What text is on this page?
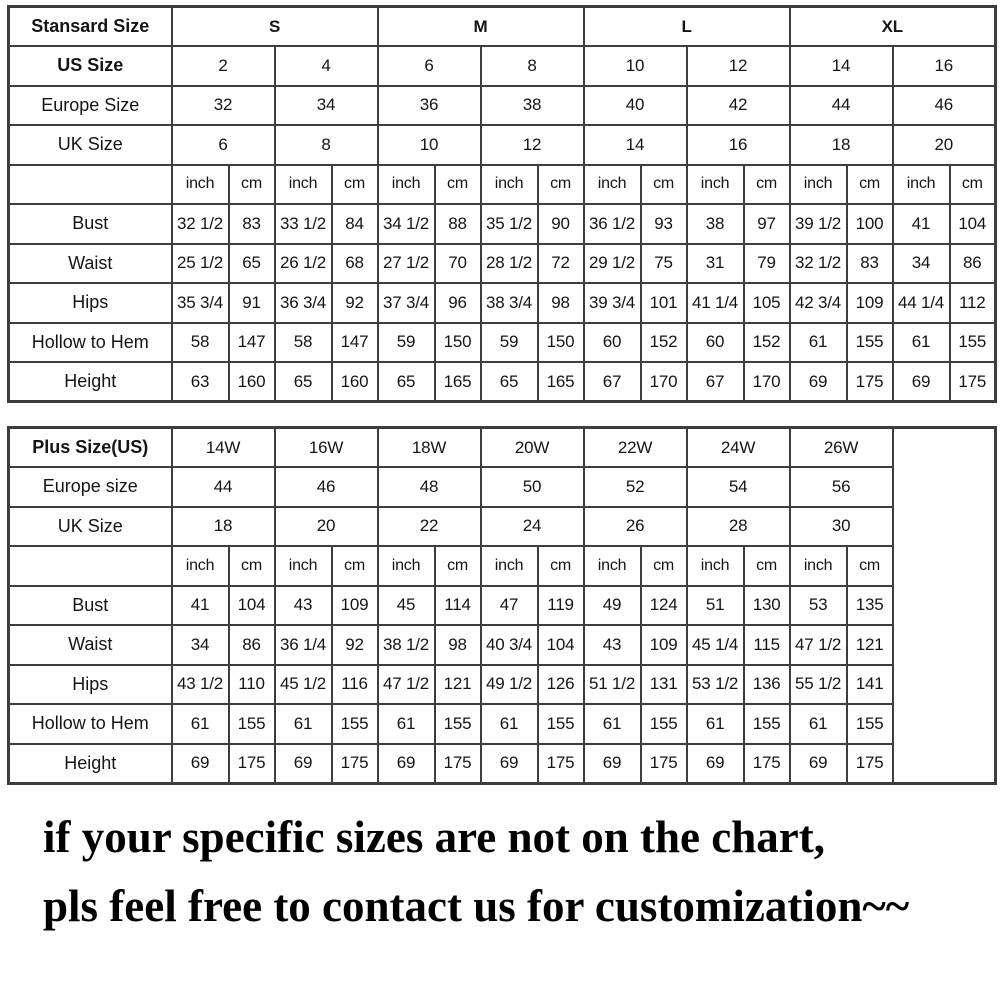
Stansard Size	S				M				L				XL			
US Size	2		4		6		8		10		12		14		16	
Europe Size	32		34		36		38		40		42		44		46	
UK Size	6		8		10		12		14		16		18		20	
	inch	cm	inch	cm	inch	cm	inch	cm	inch	cm	inch	cm	inch	cm	inch	cm
Bust	32 1/2	83	33 1/2	84	34 1/2	88	35 1/2	90	36 1/2	93	38	97	39 1/2	100	41	104
Waist	25 1/2	65	26 1/2	68	27 1/2	70	28 1/2	72	29 1/2	75	31	79	32 1/2	83	34	86
Hips	35 3/4	91	36 3/4	92	37 3/4	96	38 3/4	98	39 3/4	101	41 1/4	105	42 3/4	109	44 1/4	112
Hollow to Hem	58	147	58	147	59	150	59	150	60	152	60	152	61	155	61	155
Height	63	160	65	160	65	165	65	165	67	170	67	170	69	175	69	175
Plus Size(US)	14W		16W		18W		20W		22W		24W		26W		
Europe size	44		46		48		50		52		54		56		
UK Size	18		20		22		24		26		28		30		
	inch	cm	inch	cm	inch	cm	inch	cm	inch	cm	inch	cm	inch	cm	
Bust	41	104	43	109	45	114	47	119	49	124	51	130	53	135	
Waist	34	86	36 1/4	92	38 1/2	98	40 3/4	104	43	109	45 1/4	115	47 1/2	121	
Hips	43 1/2	110	45 1/2	116	47 1/2	121	49 1/2	126	51 1/2	131	53 1/2	136	55 1/2	141	
Hollow to Hem	61	155	61	155	61	155	61	155	61	155	61	155	61	155	
Height	69	175	69	175	69	175	69	175	69	175	69	175	69	175	

if your specific sizes are not on the chart,

pls feel free to contact us for customization~~
